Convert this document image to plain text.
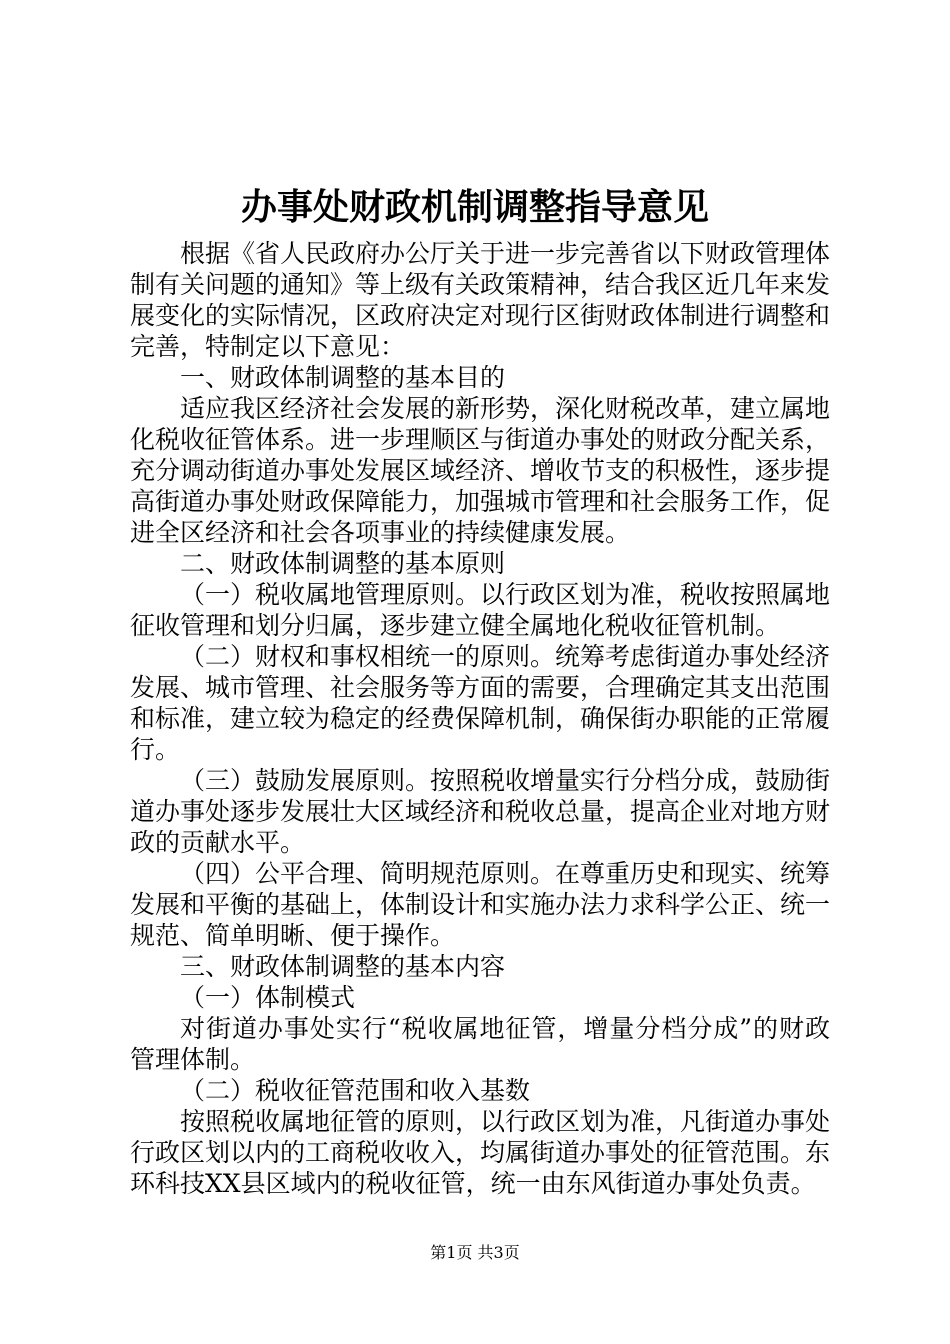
办事处财政机制调整指导意见

根据《省人民政府办公厅关于进一步完善省以下财政管理体制有关问题的通知》等上级有关政策精神，结合我区近几年来发展变化的实际情况，区政府决定对现行区街财政体制进行调整和完善，特制定以下意见：

一、财政体制调整的基本目的

适应我区经济社会发展的新形势，深化财税改革，建立属地化税收征管体系。进一步理顺区与街道办事处的财政分配关系，充分调动街道办事处发展区域经济、增收节支的积极性，逐步提高街道办事处财政保障能力，加强城市管理和社会服务工作，促进全区经济和社会各项事业的持续健康发展。

二、财政体制调整的基本原则

（一）税收属地管理原则。以行政区划为准，税收按照属地征收管理和划分归属，逐步建立健全属地化税收征管机制。

（二）财权和事权相统一的原则。统筹考虑街道办事处经济发展、城市管理、社会服务等方面的需要，合理确定其支出范围和标准，建立较为稳定的经费保障机制，确保街办职能的正常履行。

（三）鼓励发展原则。按照税收增量实行分档分成，鼓励街道办事处逐步发展壮大区域经济和税收总量，提高企业对地方财政的贡献水平。

（四）公平合理、简明规范原则。在尊重历史和现实、统筹发展和平衡的基础上，体制设计和实施办法力求科学公正、统一规范、简单明晰、便于操作。

三、财政体制调整的基本内容

（一）体制模式

对街道办事处实行“税收属地征管，增量分档分成”的财政管理体制。

（二）税收征管范围和收入基数

按照税收属地征管的原则，以行政区划为准，凡街道办事处行政区划以内的工商税收收入，均属街道办事处的征管范围。东环科技XX县区域内的税收征管，统一由东风街道办事处负责。

第1页 共3页
